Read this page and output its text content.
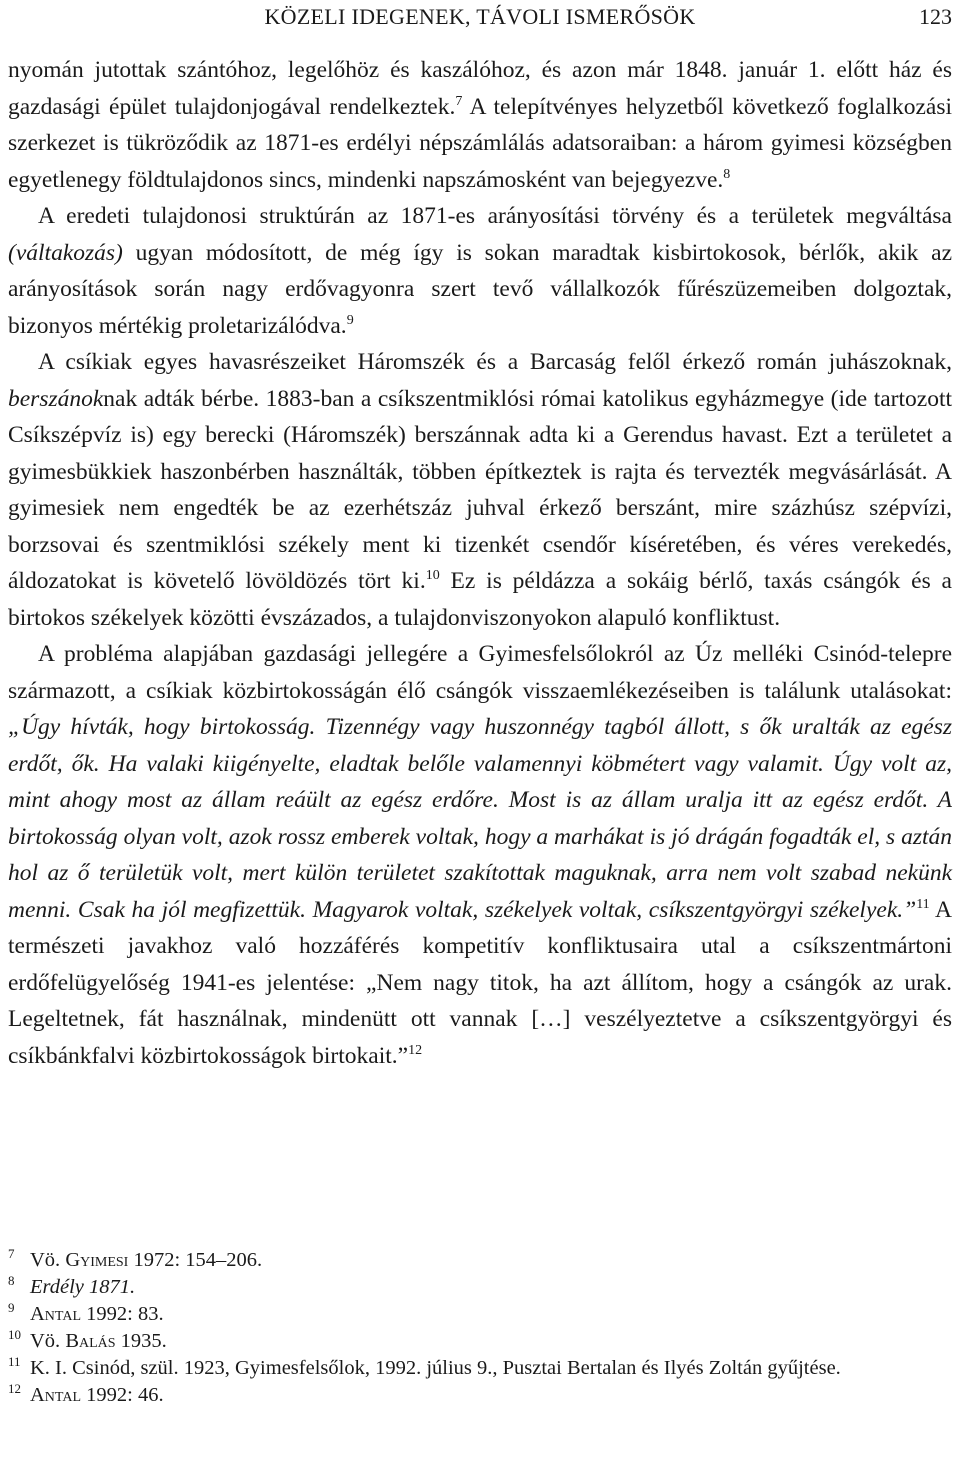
KÖZELI IDEGENEK, TÁVOLI ISMERŐSÖK	123

nyomán jutottak szántóhoz, legelőhöz és kaszálóhoz, és azon már 1848. január 1. előtt ház és gazdasági épület tulajdonjogával rendelkeztek.$^7$ A telepítvényes helyzetből következő foglalkozási szerkezet is tükröződik az 1871-es erdélyi népszámlálás adatsoraiban: a három gyimesi községben egyetlenegy földtulajdonos sincs, mindenki napszámosként van bejegyezve.$^8$

A eredeti tulajdonosi struktúrán az 1871-es arányosítási törvény és a területek megváltása (váltakozás) ugyan módosított, de még így is sokan maradtak kisbirtokosok, bérlők, akik az arányosítások során nagy erdővagyonra szert tevő vállalkozók fűrészüzemeiben dolgoztak, bizonyos mértékig proletarizálódva.$^9$

A csíkiak egyes havasrészeiket Háromszék és a Barcaság felől érkező román juhászoknak, berszánoknak adták bérbe. 1883-ban a csíkszentmiklósi római katolikus egyházmegye (ide tartozott Csíkszépvíz is) egy berecki (Háromszék) berszánnak adta ki a Gerendus havast. Ezt a területet a gyimesbükkiek haszonbérben használták, többen építkeztek is rajta és tervezték megvásárlását. A gyimesiek nem engedték be az ezerhétszáz juhval érkező berszánt, mire százhúsz szépvízi, borzsovai és szentmiklósi székely ment ki tizenkét csendőr kíséretében, és véres verekedés, áldozatokat is követelő lövöldözés tört ki.$^{10}$ Ez is példázza a sokáig bérlő, taxás csángók és a birtokos székelyek közötti évszázados, a tulajdonviszonyokon alapuló konfliktust.

A probléma alapjában gazdasági jellegére a Gyimesfelsőlokról az Úz melléki Csinód-telepre származott, a csíkiak közbirtokosságán élő csángók visszaemlékezéseiben is találunk utalásokat: „Úgy hívták, hogy birtokosság. Tizennégy vagy huszonnégy tagból állott, s ők uralták az egész erdőt, ők. Ha valaki kiigényelte, eladtak belőle valamennyi köbmétert vagy valamit. Úgy volt az, mint ahogy most az állam reáült az egész erdőre. Most is az állam uralja itt az egész erdőt. A birtokosság olyan volt, azok rossz emberek voltak, hogy a marhákat is jó drágán fogadták el, s aztán hol az ő területük volt, mert külön területet szakítottak maguknak, arra nem volt szabad nekünk menni. Csak ha jól megfizettük. Magyarok voltak, székelyek voltak, csíkszentgyörgyi székelyek.”$^{11}$ A természeti javakhoz való hozzáférés kompetitív konfliktusaira utal a csíkszentmártoni erdőfelügyelőség 1941-es jelentése: „Nem nagy titok, ha azt állítom, hogy a csángók az urak. Legeltetnek, fát használnak, mindenütt ott vannak […] veszélyeztetve a csíkszentgyörgyi és csíkbánkfalvi közbirtokosságok birtokait.”$^{12}$

7 Vö. Gyimesi 1972: 154–206.
8 Erdély 1871.
9 Antal 1992: 83.
10 Vö. Balás 1935.
11 K. I. Csinód, szül. 1923, Gyimesfelsőlok, 1992. július 9., Pusztai Bertalan és Ilyés Zoltán gyűjtése.
12 Antal 1992: 46.
